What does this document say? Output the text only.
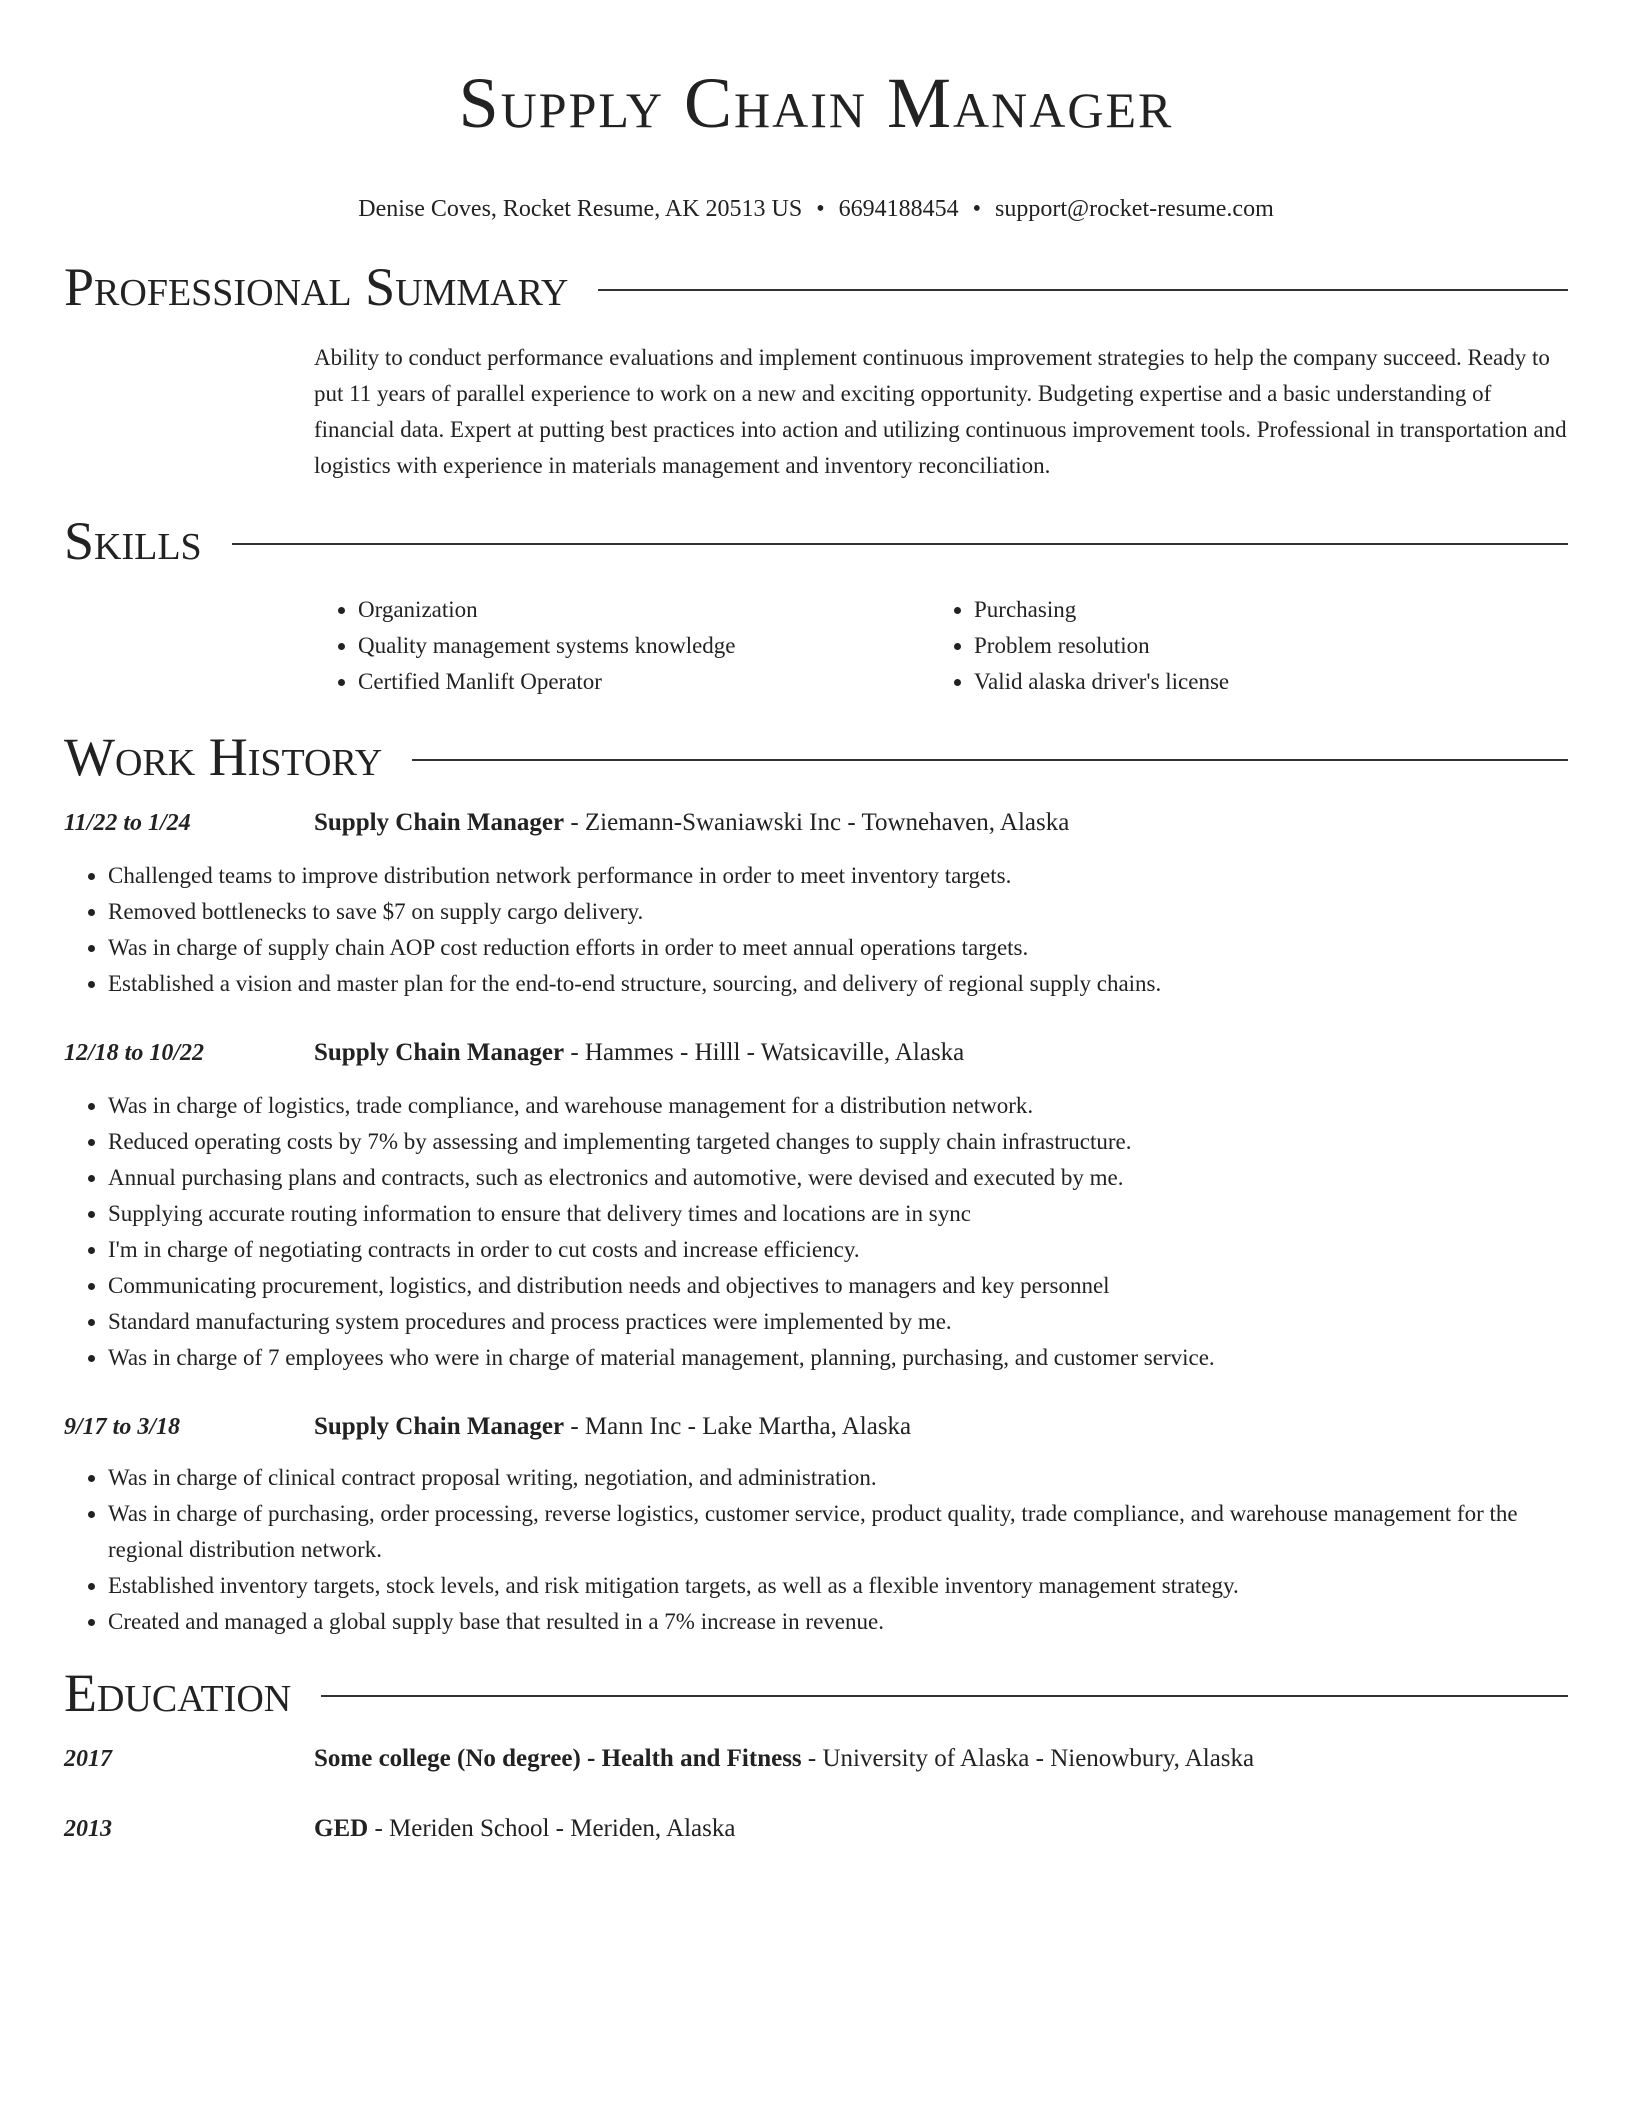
Supply Chain Manager
Denise Coves, Rocket Resume, AK 20513 US • 6694188454 • support@rocket-resume.com
Professional Summary
Ability to conduct performance evaluations and implement continuous improvement strategies to help the company succeed. Ready to put 11 years of parallel experience to work on a new and exciting opportunity. Budgeting expertise and a basic understanding of financial data. Expert at putting best practices into action and utilizing continuous improvement tools. Professional in transportation and logistics with experience in materials management and inventory reconciliation.
Skills
• Organization
• Quality management systems knowledge
• Certified Manlift Operator
• Purchasing
• Problem resolution
• Valid alaska driver's license
Work History
11/22 to 1/24	Supply Chain Manager - Ziemann-Swaniawski Inc - Townehaven, Alaska
• Challenged teams to improve distribution network performance in order to meet inventory targets.
• Removed bottlenecks to save $7 on supply cargo delivery.
• Was in charge of supply chain AOP cost reduction efforts in order to meet annual operations targets.
• Established a vision and master plan for the end-to-end structure, sourcing, and delivery of regional supply chains.
12/18 to 10/22	Supply Chain Manager - Hammes - Hilll - Watsicaville, Alaska
• Was in charge of logistics, trade compliance, and warehouse management for a distribution network.
• Reduced operating costs by 7% by assessing and implementing targeted changes to supply chain infrastructure.
• Annual purchasing plans and contracts, such as electronics and automotive, were devised and executed by me.
• Supplying accurate routing information to ensure that delivery times and locations are in sync
• I'm in charge of negotiating contracts in order to cut costs and increase efficiency.
• Communicating procurement, logistics, and distribution needs and objectives to managers and key personnel
• Standard manufacturing system procedures and process practices were implemented by me.
• Was in charge of 7 employees who were in charge of material management, planning, purchasing, and customer service.
9/17 to 3/18	Supply Chain Manager - Mann Inc - Lake Martha, Alaska
• Was in charge of clinical contract proposal writing, negotiation, and administration.
• Was in charge of purchasing, order processing, reverse logistics, customer service, product quality, trade compliance, and warehouse management for the regional distribution network.
• Established inventory targets, stock levels, and risk mitigation targets, as well as a flexible inventory management strategy.
• Created and managed a global supply base that resulted in a 7% increase in revenue.
Education
2017	Some college (No degree) - Health and Fitness - University of Alaska - Nienowbury, Alaska
2013	GED - Meriden School - Meriden, Alaska
